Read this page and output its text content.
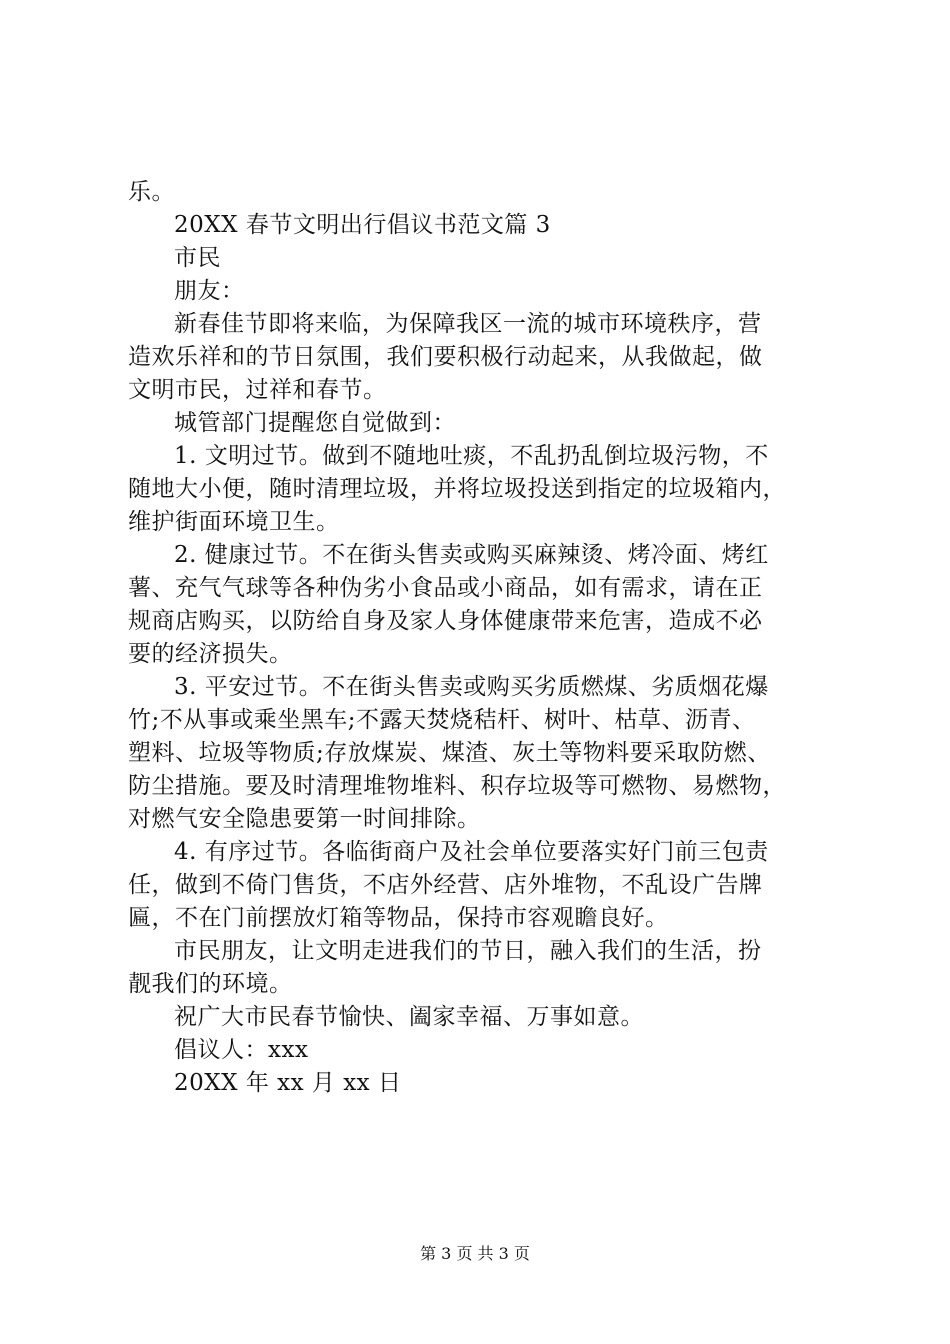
乐。
20XX 春节文明出行倡议书范文篇 3
市民
朋友：
新春佳节即将来临，为保障我区一流的城市环境秩序，营
造欢乐祥和的节日氛围，我们要积极行动起来，从我做起，做
文明市民，过祥和春节。
城管部门提醒您自觉做到：
1. 文明过节。做到不随地吐痰，不乱扔乱倒垃圾污物，不
随地大小便，随时清理垃圾，并将垃圾投送到指定的垃圾箱内，
维护街面环境卫生。
2. 健康过节。不在街头售卖或购买麻辣烫、烤冷面、烤红
薯、充气气球等各种伪劣小食品或小商品，如有需求，请在正
规商店购买，以防给自身及家人身体健康带来危害，造成不必
要的经济损失。
3. 平安过节。不在街头售卖或购买劣质燃煤、劣质烟花爆
竹;不从事或乘坐黑车;不露天焚烧秸杆、树叶、枯草、沥青、
塑料、垃圾等物质;存放煤炭、煤渣、灰土等物料要采取防燃、
防尘措施。要及时清理堆物堆料、积存垃圾等可燃物、易燃物，
对燃气安全隐患要第一时间排除。
4. 有序过节。各临街商户及社会单位要落实好门前三包责
任，做到不倚门售货，不店外经营、店外堆物，不乱设广告牌
匾，不在门前摆放灯箱等物品，保持市容观瞻良好。
市民朋友，让文明走进我们的节日，融入我们的生活，扮
靓我们的环境。
祝广大市民春节愉快、阖家幸福、万事如意。
倡议人：xxx
20XX 年 xx 月 xx 日
第 3 页 共 3 页
